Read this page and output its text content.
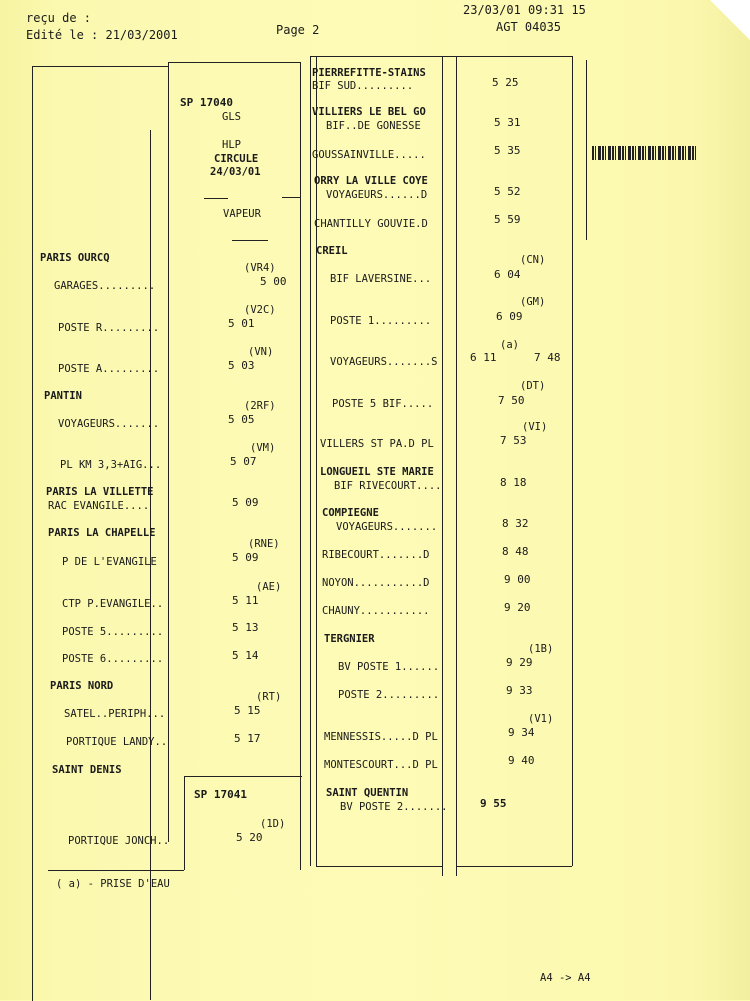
reçu de :
Edité le : 21/03/2001	Page 2
23/03/01 09:31 15
AGT 04035
SP 17040
GLS
HLP
CIRCULE
24/03/01
VAPEUR
PARIS OURCQ
(VR4)
GARAGES.........	5 00
(V2C)
POSTE R.........	5 01
(VN)
POSTE A.........	5 03
PANTIN
(2RF)
VOYAGEURS.......	5 05
(VM)
PL KM 3,3+AIG...	5 07
PARIS LA VILLETTE
RAC EVANGILE....	5 09
PARIS LA CHAPELLE
(RNE)
P DE L'EVANGILE	5 09
(AE)
CTP P.EVANGILE..	5 11
POSTE 5.........	5 13
POSTE 6.........	5 14
PARIS NORD
(RT)
SATEL..PERIPH...	5 15
PORTIQUE LANDY..	5 17
SAINT DENIS
SP 17041
(1D)
PORTIQUE JONCH..	5 20
PIERREFITTE-STAINS
BIF SUD.........	5 25
VILLIERS LE BEL GO
BIF..DE GONESSE	5 31
GOUSSAINVILLE.....	5 35
ORRY LA VILLE COYE
VOYAGEURS......D	5 52
CHANTILLY GOUVIE.D	5 59
CREIL
(CN)
BIF LAVERSINE...	6 04
(GM)
POSTE 1.........	6 09
(a)
VOYAGEURS.......S	6 11	7 48
(DT)
POSTE 5 BIF.....	7 50
(VI)
VILLERS ST PA.D PL	7 53
LONGUEIL STE MARIE
BIF RIVECOURT....	8 18
COMPIEGNE
VOYAGEURS.......	8 32
RIBECOURT.......D	8 48
NOYON...........D	9 00
CHAUNY...........	9 20
TERGNIER
(1B)
BV POSTE 1......	9 29
POSTE 2.........	9 33
(V1)
MENNESSIS.....D PL	9 34
MONTESCOURT...D PL	9 40
SAINT QUENTIN
BV POSTE 2.......	9 55
( a) - PRISE D'EAU
A4 -> A4
